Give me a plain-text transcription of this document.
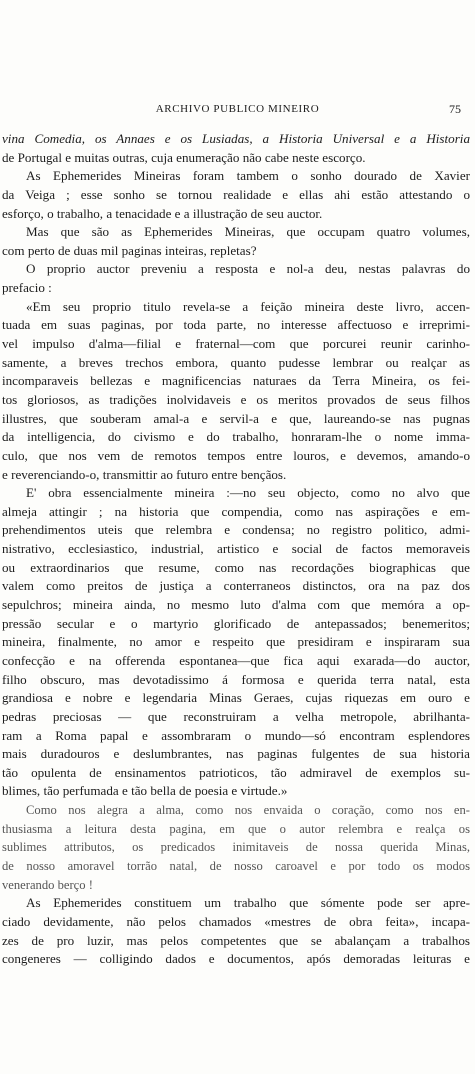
ARCHIVO PUBLICO MINEIRO	75
vina Comedia, os Annaes e os Lusiadas, a Historia Universal e a Historia
de Portugal e muitas outras, cuja enumeração não cabe neste escorço.
As Ephemerides Mineiras foram tambem o sonho dourado de Xavier
da Veiga ; esse sonho se tornou realidade e ellas ahi estão attestando o
esforço, o trabalho, a tenacidade e a illustração de seu auctor.
Mas que são as Ephemerides Mineiras, que occupam quatro volumes,
com perto de duas mil paginas inteiras, repletas?
O proprio auctor preveniu a resposta e nol-a deu, nestas palavras do
prefacio :
«Em seu proprio titulo revela-se a feição mineira deste livro, accen-
tuada em suas paginas, por toda parte, no interesse affectuoso e irreprimi-
vel impulso d'alma—filial e fraternal—com que porcurei reunir carinho-
samente, a breves trechos embora, quanto pudesse lembrar ou realçar as
incomparaveis bellezas e magnificencias naturaes da Terra Mineira, os fei-
tos gloriosos, as tradições inolvidaveis e os meritos provados de seus filhos
illustres, que souberam amal-a e servil-a e que, laureando-se nas pugnas
da intelligencia, do civismo e do trabalho, honraram-lhe o nome imma-
culo, que nos vem de remotos tempos entre louros, e devemos, amando-o
e reverenciando-o, transmittir ao futuro entre bençãos.
E' obra essencialmente mineira :—no seu objecto, como no alvo que
almeja attingir ; na historia que compendia, como nas aspirações e em-
prehendimentos uteis que relembra e condensa; no registro politico, admi-
nistrativo, ecclesiastico, industrial, artistico e social de factos memoraveis
ou extraordinarios que resume, como nas recordações biographicas que
valem como preitos de justiça a conterraneos distinctos, ora na paz dos
sepulchros; mineira ainda, no mesmo luto d'alma com que memóra a op-
pressão secular e o martyrio glorificado de antepassados; benemeritos;
mineira, finalmente, no amor e respeito que presidiram e inspiraram sua
confecção e na offerenda espontanea—que fica aqui exarada—do auctor,
filho obscuro, mas devotadissimo á formosa e querida terra natal, esta
grandiosa e nobre e legendaria Minas Geraes, cujas riquezas em ouro e
pedras preciosas — que reconstruiram a velha metropole, abrilhanta-
ram a Roma papal e assombraram o mundo—só encontram esplendores
mais duradouros e deslumbrantes, nas paginas fulgentes de sua historia
tão opulenta de ensinamentos patrioticos, tão admiravel de exemplos su-
blimes, tão perfumada e tão bella de poesia e virtude.»
Como nos alegra a alma, como nos envaida o coração, como nos en-
thusiasma a leitura desta pagina, em que o autor relembra e realça os
sublimes attributos, os predicados inimitaveis de nossa querida Minas,
de nosso amoravel torrão natal, de nosso caroavel e por todo os modos
venerando berço !
As Ephemerides constituem um trabalho que sómente pode ser apre-
ciado devidamente, não pelos chamados «mestres de obra feita», incapa-
zes de pro luzir, mas pelos competentes que se abalançam a trabalhos
congeneres — colligindo dados e documentos, após demoradas leituras e
